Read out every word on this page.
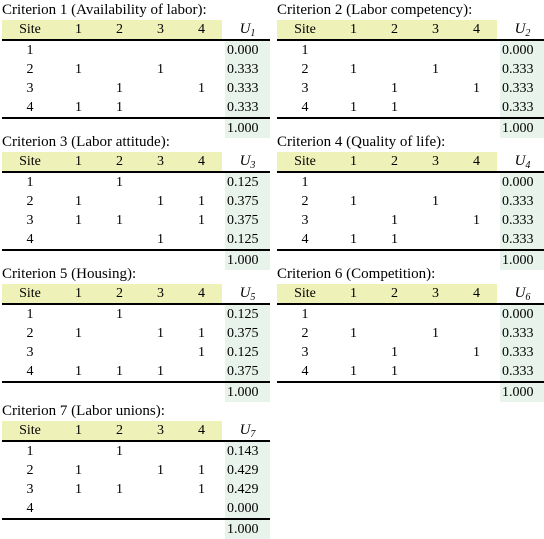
Criterion 1 (Availability of labor):
Site	1	2	3	4		$U_1$
1						0.000
2	1		1			0.333
3		1		1		0.333
4	1	1				0.333
						1.000
Criterion 2 (Labor competency):
Site	1	2	3	4		$U_2$
1						0.000
2	1		1			0.333
3		1		1		0.333
4	1	1				0.333
						1.000
Criterion 3 (Labor attitude):
Site	1	2	3	4		$U_3$
1		1				0.125
2	1		1	1		0.375
3	1	1		1		0.375
4			1			0.125
						1.000
Criterion 4 (Quality of life):
Site	1	2	3	4		$U_4$
1						0.000
2	1		1			0.333
3		1		1		0.333
4	1	1				0.333
						1.000
Criterion 5 (Housing):
Site	1	2	3	4		$U_5$
1		1				0.125
2	1		1	1		0.375
3				1		0.125
4	1	1	1			0.375
						1.000
Criterion 6 (Competition):
Site	1	2	3	4		$U_6$
1						0.000
2	1		1			0.333
3		1		1		0.333
4	1	1				0.333
						1.000
Criterion 7 (Labor unions):
Site	1	2	3	4		$U_7$
1		1				0.143
2	1		1	1		0.429
3	1	1		1		0.429
4						0.000
						1.000
